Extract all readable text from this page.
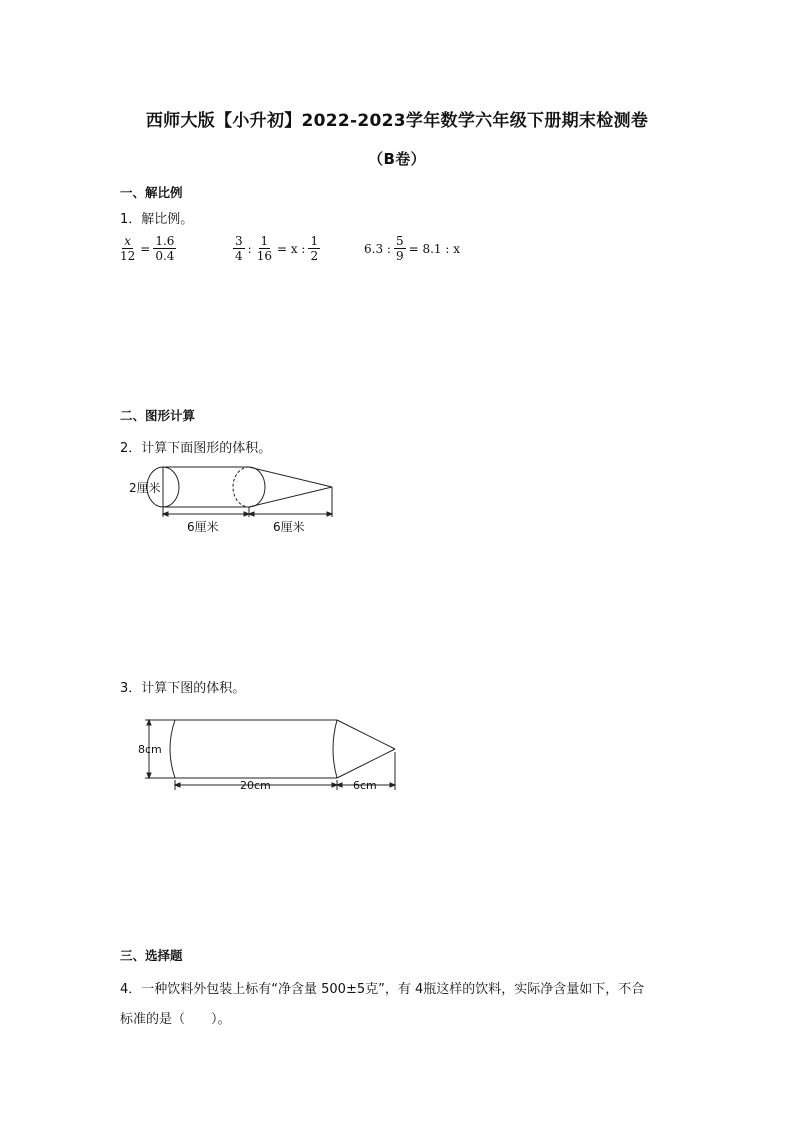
西师大版【小升初】2022-2023学年数学六年级下册期末检测卷
（B卷）
一、解比例
1．解比例。
$\frac{x}{12} = \frac{1.6}{0.4}$	$\frac{3}{4}$ : $\frac{1}{16} = x$ : $\frac{1}{2}$	6.3 : $\frac{5}{9} = 8.1$ : x
二、图形计算
2．计算下面图形的体积。
2厘米
6厘米	6厘米
3．计算下图的体积。
8cm
20cm	6cm
三、选择题
4．一种饮料外包装上标有“净含量 500±5克”，有 4瓶这样的饮料，实际净含量如下，不合
标准的是（　　）。
